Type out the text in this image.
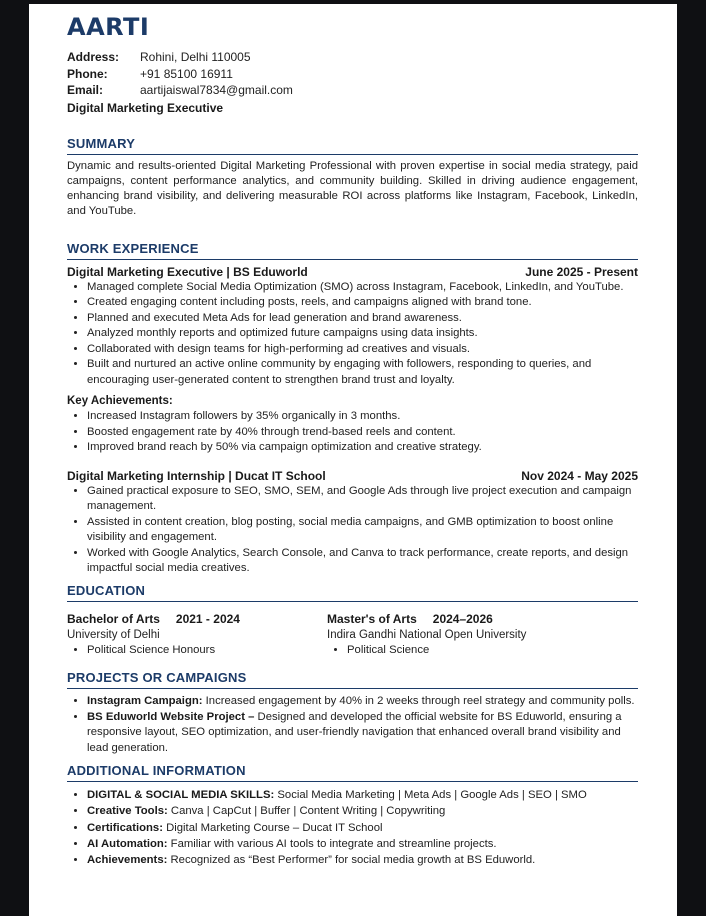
AARTI
Address:	Rohini, Delhi 110005
Phone:	+91 85100 16911
Email:	aartijaiswal7834@gmail.com
Digital Marketing Executive
SUMMARY
Dynamic and results-oriented Digital Marketing Professional with proven expertise in social media strategy, paid campaigns, content performance analytics, and community building. Skilled in driving audience engagement, enhancing brand visibility, and delivering measurable ROI across platforms like Instagram, Facebook, LinkedIn, and YouTube.
WORK EXPERIENCE
Digital Marketing Executive | BS Eduworld	June 2025 - Present
• Managed complete Social Media Optimization (SMO) across Instagram, Facebook, LinkedIn, and YouTube.
• Created engaging content including posts, reels, and campaigns aligned with brand tone.
• Planned and executed Meta Ads for lead generation and brand awareness.
• Analyzed monthly reports and optimized future campaigns using data insights.
• Collaborated with design teams for high-performing ad creatives and visuals.
• Built and nurtured an active online community by engaging with followers, responding to queries, and encouraging user-generated content to strengthen brand trust and loyalty.
Key Achievements:
• Increased Instagram followers by 35% organically in 3 months.
• Boosted engagement rate by 40% through trend-based reels and content.
• Improved brand reach by 50% via campaign optimization and creative strategy.
Digital Marketing Internship | Ducat IT School	Nov 2024 - May 2025
• Gained practical exposure to SEO, SMO, SEM, and Google Ads through live project execution and campaign management.
• Assisted in content creation, blog posting, social media campaigns, and GMB optimization to boost online visibility and engagement.
• Worked with Google Analytics, Search Console, and Canva to track performance, create reports, and design impactful social media creatives.
EDUCATION
Bachelor of Arts 2021 - 2024
University of Delhi
• Political Science Honours
Master's of Arts 2024–2026
Indira Gandhi National Open University
• Political Science
PROJECTS OR CAMPAIGNS
• Instagram Campaign: Increased engagement by 40% in 2 weeks through reel strategy and community polls.
• BS Eduworld Website Project – Designed and developed the official website for BS Eduworld, ensuring a responsive layout, SEO optimization, and user-friendly navigation that enhanced overall brand visibility and lead generation.
ADDITIONAL INFORMATION
• DIGITAL & SOCIAL MEDIA SKILLS: Social Media Marketing | Meta Ads | Google Ads | SEO | SMO
• Creative Tools: Canva | CapCut | Buffer | Content Writing | Copywriting
• Certifications: Digital Marketing Course – Ducat IT School
• AI Automation: Familiar with various AI tools to integrate and streamline projects.
• Achievements: Recognized as “Best Performer” for social media growth at BS Eduworld.
